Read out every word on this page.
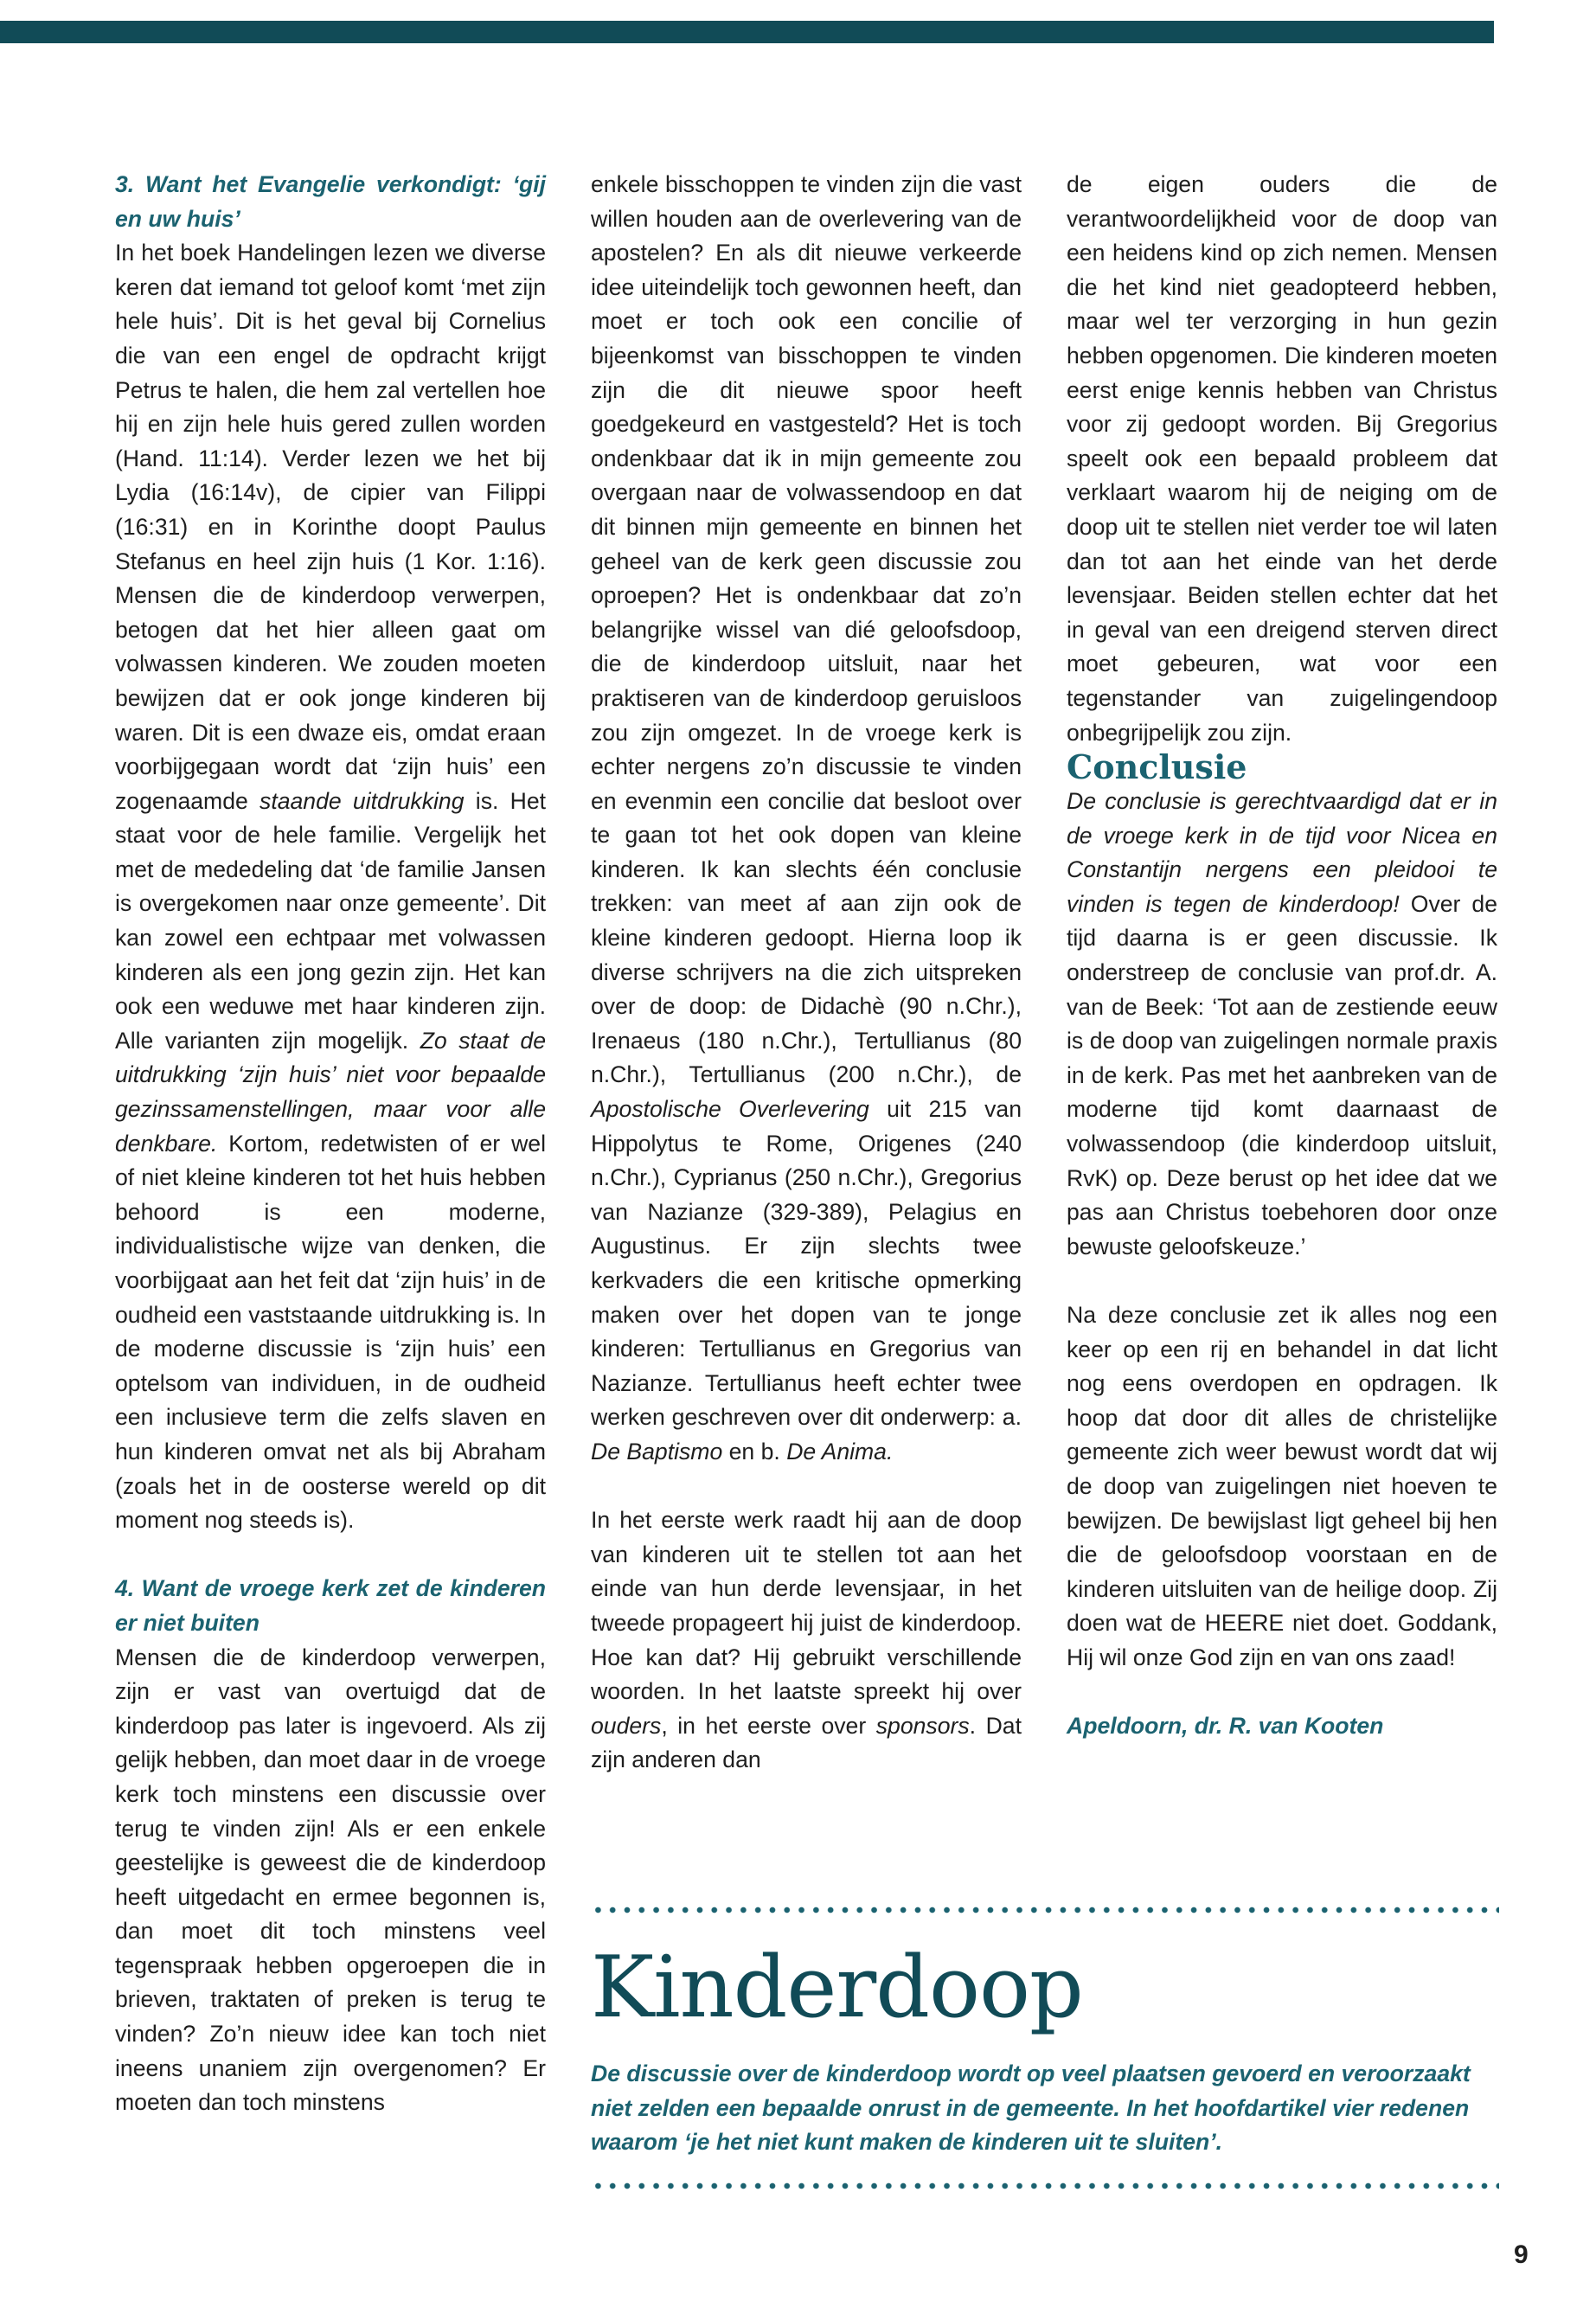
3. Want het Evangelie verkondigt: ‘gij en uw huis’

In het boek Handelingen lezen we diverse keren dat iemand tot geloof komt ‘met zijn hele huis’. Dit is het geval bij Cornelius die van een engel de opdracht krijgt Petrus te halen, die hem zal vertellen hoe hij en zijn hele huis gered zullen worden (Hand. 11:14). Verder lezen we het bij Lydia (16:14v), de cipier van Filippi (16:31) en in Korinthe doopt Paulus Stefanus en heel zijn huis (1 Kor. 1:16). Mensen die de kinderdoop verwerpen, betogen dat het hier alleen gaat om volwassen kinderen. We zouden moeten bewijzen dat er ook jonge kinderen bij waren. Dit is een dwaze eis, omdat eraan voorbijgegaan wordt dat ‘zijn huis’ een zogenaamde staande uitdrukking is. Het staat voor de hele familie. Vergelijk het met de mededeling dat ‘de familie Jansen is overgekomen naar onze gemeente’. Dit kan zowel een echtpaar met volwassen kinderen als een jong gezin zijn. Het kan ook een weduwe met haar kinderen zijn. Alle varianten zijn mogelijk. Zo staat de uitdrukking ‘zijn huis’ niet voor bepaalde gezinssamenstellingen, maar voor alle denkbare. Kortom, redetwisten of er wel of niet kleine kinderen tot het huis hebben behoord is een moderne, individualistische wijze van denken, die voorbijgaat aan het feit dat ‘zijn huis’ in de oudheid een vaststaande uitdrukking is. In de moderne discussie is ‘zijn huis’ een optelsom van individuen, in de oudheid een inclusieve term die zelfs slaven en hun kinderen omvat net als bij Abraham (zoals het in de oosterse wereld op dit moment nog steeds is).

4. Want de vroege kerk zet de kinderen er niet buiten

Mensen die de kinderdoop verwerpen, zijn er vast van overtuigd dat de kinderdoop pas later is ingevoerd. Als zij gelijk hebben, dan moet daar in de vroege kerk toch minstens een discussie over terug te vinden zijn! Als er een enkele geestelijke is geweest die de kinderdoop heeft uitgedacht en ermee begonnen is, dan moet dit toch minstens veel tegenspraak hebben opgeroepen die in brieven, traktaten of preken is terug te vinden? Zo’n nieuw idee kan toch niet ineens unaniem zijn overgenomen? Er moeten dan toch minstens

enkele bisschoppen te vinden zijn die vast willen houden aan de overlevering van de apostelen? En als dit nieuwe verkeerde idee uiteindelijk toch gewonnen heeft, dan moet er toch ook een concilie of bijeenkomst van bisschoppen te vinden zijn die dit nieuwe spoor heeft goedgekeurd en vastgesteld? Het is toch ondenkbaar dat ik in mijn gemeente zou overgaan naar de volwassendoop en dat dit binnen mijn gemeente en binnen het geheel van de kerk geen discussie zou oproepen? Het is ondenkbaar dat zo’n belangrijke wissel van dié geloofsdoop, die de kinderdoop uitsluit, naar het praktiseren van de kinderdoop geruisloos zou zijn omgezet. In de vroege kerk is echter nergens zo’n discussie te vinden en evenmin een concilie dat besloot over te gaan tot het ook dopen van kleine kinderen. Ik kan slechts één conclusie trekken: van meet af aan zijn ook de kleine kinderen gedoopt. Hierna loop ik diverse schrijvers na die zich uitspreken over de doop: de Didachè (90 n.Chr.), Irenaeus (180 n.Chr.), Tertullianus (80 n.Chr.), Tertullianus (200 n.Chr.), de Apostolische Overlevering uit 215 van Hippolytus te Rome, Origenes (240 n.Chr.), Cyprianus (250 n.Chr.), Gregorius van Nazianze (329-389), Pelagius en Augustinus. Er zijn slechts twee kerkvaders die een kritische opmerking maken over het dopen van te jonge kinderen: Tertullianus en Gregorius van Nazianze. Tertullianus heeft echter twee werken geschreven over dit onderwerp: a. De Baptismo en b. De Anima.

In het eerste werk raadt hij aan de doop van kinderen uit te stellen tot aan het einde van hun derde levensjaar, in het tweede propageert hij juist de kinderdoop. Hoe kan dat? Hij gebruikt verschillende woorden. In het laatste spreekt hij over ouders, in het eerste over sponsors. Dat zijn anderen dan

de eigen ouders die de verantwoordelijkheid voor de doop van een heidens kind op zich nemen. Mensen die het kind niet geadopteerd hebben, maar wel ter verzorging in hun gezin hebben opgenomen. Die kinderen moeten eerst enige kennis hebben van Christus voor zij gedoopt worden. Bij Gregorius speelt ook een bepaald probleem dat verklaart waarom hij de neiging om de doop uit te stellen niet verder toe wil laten dan tot aan het einde van het derde levensjaar. Beiden stellen echter dat het in geval van een dreigend sterven direct moet gebeuren, wat voor een tegenstander van zuigelingendoop onbegrijpelijk zou zijn.

Conclusie

De conclusie is gerechtvaardigd dat er in de vroege kerk in de tijd voor Nicea en Constantijn nergens een pleidooi te vinden is tegen de kinderdoop! Over de tijd daarna is er geen discussie. Ik onderstreep de conclusie van prof.dr. A. van de Beek: ‘Tot aan de zestiende eeuw is de doop van zuigelingen normale praxis in de kerk. Pas met het aanbreken van de moderne tijd komt daarnaast de volwassendoop (die kinderdoop uitsluit, RvK) op. Deze berust op het idee dat we pas aan Christus toebehoren door onze bewuste geloofskeuze.’

Na deze conclusie zet ik alles nog een keer op een rij en behandel in dat licht nog eens overdopen en opdragen. Ik hoop dat door dit alles de christelijke gemeente zich weer bewust wordt dat wij de doop van zuigelingen niet hoeven te bewijzen. De bewijslast ligt geheel bij hen die de geloofsdoop voorstaan en de kinderen uitsluiten van de heilige doop. Zij doen wat de HEERE niet doet. Goddank, Hij wil onze God zijn en van ons zaad!

Apeldoorn, dr. R. van Kooten

Kinderdoop

De discussie over de kinderdoop wordt op veel plaatsen gevoerd en veroorzaakt niet zelden een bepaalde onrust in de gemeente. In het hoofdartikel vier redenen waarom ‘je het niet kunt maken de kinderen uit te sluiten’.

9
